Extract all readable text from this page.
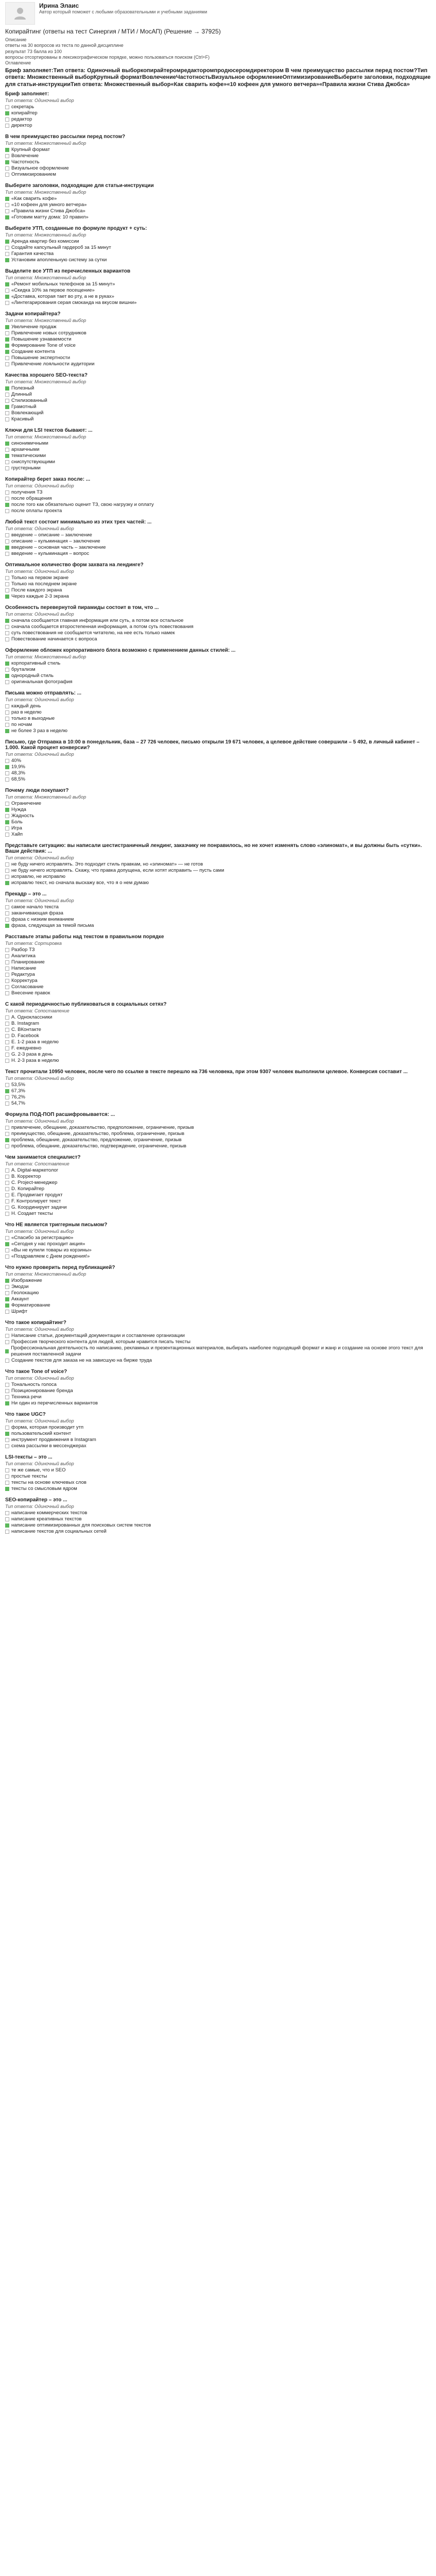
Ирина Элаис
Автор который поможет с любыми образовательными и учебными заданиями
Копирайтинг (ответы на тест Синергия / МТИ / МосАП) (Решение → 37925)
Описание
ответы на 30 вопросов из теста по данной дисциплине
результат 73 балла из 100
вопросы отсортированы в лексикографическом порядке, можно пользоваться поиском (Ctrl+F)
Оглавление
Бриф заполняет:Тип ответа: Одиночный выборкопирайтеромредакторомпродюсеромдиректором В чем преимущество рассылки перед постом?Тип ответа: Множественный выборКрупный форматВовлечениеЧастотностьВизуальное оформлениеОптимизированиеВыберите заголовки, подходящие для статьи-инструкцииТип ответа: Множественный выбор«Как сварить кофе»«10 кофеен для умного ветчера»«Правила жизни Стива Джобса»
Бриф заполняет:
Тип ответа: Одиночный выбор
секретарь
копирайтер
редактор
директор
В чем преимущество рассылки перед постом?
Тип ответа: Множественный выбор
Крупный формат
Вовлечение
Частотность
Визуальное оформление
Оптимизированием
Выберите заголовки, подходящие для статьи-инструкции
Тип ответа: Множественный выбор
«Как сварить кофе»
«10 кофеен для умного ветчера»
«Правила жизни Стива Джобса»
«Готовим матту дома: 10 правил»
Выберите УТП, созданные по формуле продукт + суть:
Тип ответа: Множественный выбор
Аренда квартир без комиссии
Создайте капсульный гардероб за 15 минут
Гарантия качества
Установим апопленьную систему за сутки
Выделите все УТП из перечисленных вариантов
Тип ответа: Множественный выбор
«Ремонт мобильных телефонов за 15 минут»
«Скидка 10% за первое посещение»
«Доставка, которая тает во рту, а не в руках»
«Линтегарирования серая смоканда на вкусом вишни»
Задачи копирайтера?
Тип ответа: Множественный выбор
Увеличение продаж
Привлечение новых сотрудников
Повышение узнаваемости
Формирование Tone of voice
Создание контента
Повышение экспертности
Привлечение лояльности аудитории
Качества хорошего SEO-текста?
Тип ответа: Множественный выбор
Полезный
Длинный
Стилизованный
Грамотный
Вовлекающий
Красивый
Ключи для LSI текстов бывают: ...
Тип ответа: Множественный выбор
синонимичными
архаичными
тематическими
сниспутствующими
грустерными
Копирайтер берет заказ после: ...
Тип ответа: Одиночный выбор
получения ТЗ
после обращения
после того как обязательно оценит ТЗ, свою нагрузку и оплату
после оплаты проекта
Любой текст состоит минимально из этих трех частей: ...
Тип ответа: Одиночный выбор
введение – описание – заключение
описание – кульминация – заключение
введение – основная часть – заключение
введение – кульминация – вопрос
Оптимальное количество форм захвата на лендинге?
Тип ответа: Одиночный выбор
Только на первом экране
Только на последнем экране
После каждого экрана
Через каждые 2-3 экрана
Особенность перевернутой пирамиды состоит в том, что ...
Тип ответа: Одиночный выбор
сначала сообщается главная информация или суть, а потом все остальное
сначала сообщается второстепенная информация, а потом суть повествования
суть повествования не сообщается читателю, на нее есть только намек
Повествование начинается с вопроса
Оформление обложек корпоративного блога возможно с применением данных стилей: ...
Тип ответа: Множественный выбор
корпоративный стиль
брутализм
однородный стиль
оригинальная фотография
Письма можно отправлять: ...
Тип ответа: Одиночный выбор
каждый день
раз в неделю
только в выходные
по ночам
не более 3 раз в неделю
Письмо, где Отправка в 10:00 в понедельник, база – 27 726 человек, письмо открыли 19 671 человек, а целевое действие совершили – 5 492, в личный кабинет – 1.000. Какой процент конверсии?
Тип ответа: Одиночный выбор
40%
19,9%
48,3%
68,5%
Почему люди покупают?
Тип ответа: Множественный выбор
Ограничение
Нужда
Жадность
Боль
Игра
Хайп
Представьте ситуацию: вы написали шестистраничный лендинг, заказчику не понравилось, но не хочет изменять слово «элиномат», и вы должны быть «сутки». Ваши действия: ...
Тип ответа: Одиночный выбор
не буду ничего исправлять. Это подходит стиль правкам, но «элиномат» — не готов
не буду ничего исправлять. Скажу, что правка допущена, если хотят исправить — пусть сами
исправлю, не исправлю
исправлю текст, но сначала выскажу все, что я о нем думаю
Прекадр – это ...
Тип ответа: Одиночный выбор
самое начало текста
заканчивающая фраза
фраза с низким вниманием
фраза, следующая за темой письма
Расставьте этапы работы над текстом в правильном порядке
Тип ответа: Сортировка
Разбор ТЗ
Аналитика
Планирование
Написание
Редактура
Корректура
Согласование
Внесение правок
С какой периодичностью публиковаться в социальных сетях?
Тип ответа: Сопоставление
A. Одноклассники
B. Instagram
C. ВКонтакте
D. Facebook
E. 1-2 раза в неделю
F. ежедневно
G. 2-3 раза в день
H. 2-3 раза в неделю
Текст прочитали 10950 человек, после чего по ссылке в тексте перешло на 736 человека, при этом 9307 человек выполнили целевое. Конверсия составит ...
Тип ответа: Одиночный выбор
53,5%
67,3%
76,2%
54,7%
Формула ПОД-ПОП расшифровывается: ...
Тип ответа: Одиночный выбор
привлечение, обещание, доказательство, предположение, ограничение, призыв
преимущество, обещание, доказательство, проблема, ограничение, призыв
проблема, обещание, доказательство, предложение, ограничение, призыв
проблема, обещание, доказательство, подтверждение, ограничение, призыв
Чем занимается специалист?
Тип ответа: Сопоставление
A. Digital-маркетолог
B. Корректор
C. Project-менеджер
D. Копирайтер
E. Продвигает продукт
F. Контролирует текст
G. Координирует задачи
H. Создает тексты
Что НЕ является триггерным письмом?
Тип ответа: Одиночный выбор
«Спасибо за регистрацию»
«Сегодня у нас проходит акция»
«Вы не купили товары из корзины»
«Поздравляем с Днем рождения!»
Что нужно проверить перед публикацией?
Тип ответа: Множественный выбор
Изображение
Эмодзи
Геолокацию
Аккаунт
Форматирование
Шрифт
Что такое копирайтинг?
Тип ответа: Одиночный выбор
Написание статьи, документаций документации и составление организации
Профессия творческого контента для людей, которым нравится писать тексты
Профессиональная деятельность по написанию, рекламных и презентационных материалов, выбирать наиболее подходящий формат и жанр и создание на основе этого текст для решения поставленной задачи
Создание текстов для заказа не на зависшую на бирже труда
Что такое Tone of voice?
Тип ответа: Одиночный выбор
Тональность голоса
Позиционирование бренда
Техника речи
Ни один из перечисленных вариантов
Что такое UGC?
Тип ответа: Одиночный выбор
форма, которая производит утп
пользовательский контент
инструмент продвижения в Instagram
схема рассылки в мессенджерах
LSI-тексты – это ...
Тип ответа: Одиночный выбор
те же самые, что и SEO
простые тексты
тексты на основе ключевых слов
тексты со смысловым ядром
SEO-копирайтер – это ...
Тип ответа: Одиночный выбор
написание коммерческих текстов
написание креативных текстов
написание оптимизированных для поисковых систем текстов
написание текстов для социальных сетей
